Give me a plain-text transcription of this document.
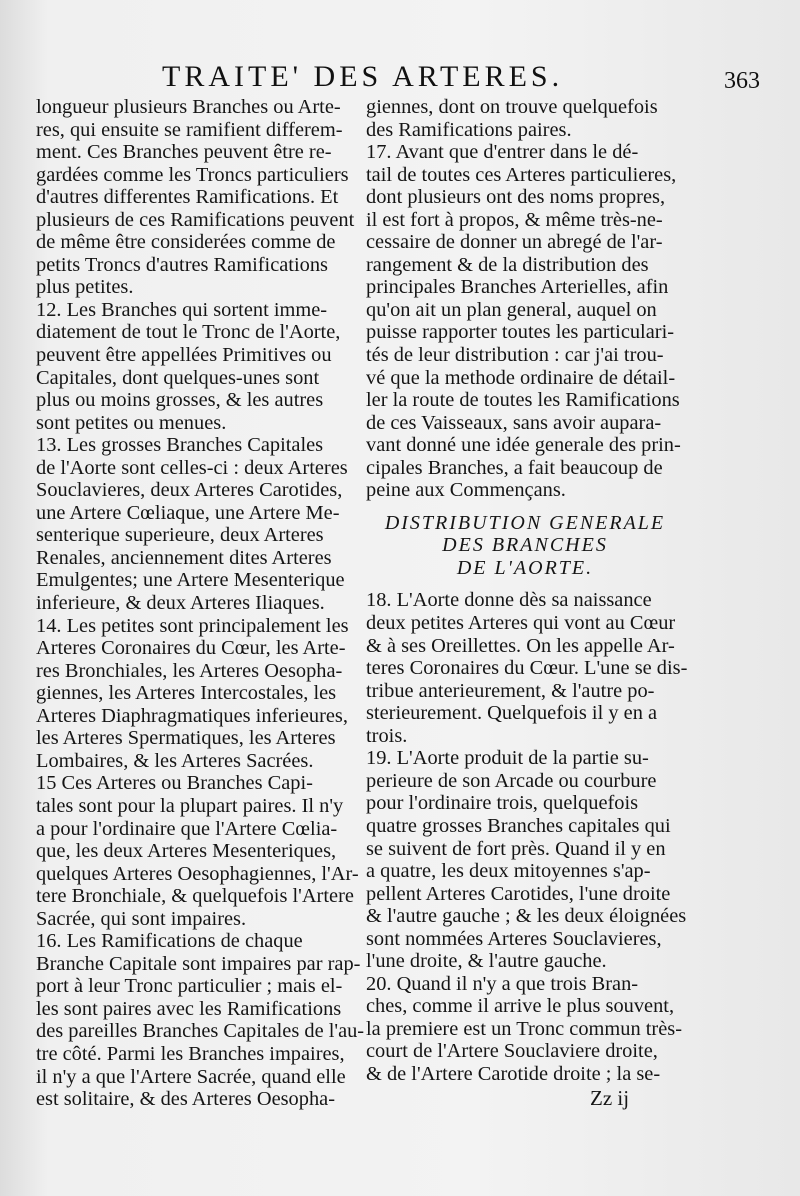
TRAITE' DES ARTERES.	363
longueur plusieurs Branches ou Arte-
res, qui ensuite se ramifient differem-
ment. Ces Branches peuvent être re-
gardées comme les Troncs particuliers
d'autres differentes Ramifications. Et
plusieurs de ces Ramifications peuvent
de même être considerées comme de
petits Troncs d'autres Ramifications
plus petites.
12. Les Branches qui sortent imme-
diatement de tout le Tronc de l'Aorte,
peuvent être appellées Primitives ou
Capitales, dont quelques-unes sont
plus ou moins grosses, & les autres
sont petites ou menues.
13. Les grosses Branches Capitales
de l'Aorte sont celles-ci : deux Arteres
Souclavieres, deux Arteres Carotides,
une Artere Cœliaque, une Artere Me-
senterique superieure, deux Arteres
Renales, anciennement dites Arteres
Emulgentes; une Artere Mesenterique
inferieure, & deux Arteres Iliaques.
14. Les petites sont principalement les
Arteres Coronaires du Cœur, les Arte-
res Bronchiales, les Arteres Oesopha-
giennes, les Arteres Intercostales, les
Arteres Diaphragmatiques inferieures,
les Arteres Spermatiques, les Arteres
Lombaires, & les Arteres Sacrées.
15 Ces Arteres ou Branches Capi-
tales sont pour la plupart paires. Il n'y
a pour l'ordinaire que l'Artere Cœlia-
que, les deux Arteres Mesenteriques,
quelques Arteres Oesophagiennes, l'Ar-
tere Bronchiale, & quelquefois l'Artere
Sacrée, qui sont impaires.
16. Les Ramifications de chaque
Branche Capitale sont impaires par rap-
port à leur Tronc particulier ; mais el-
les sont paires avec les Ramifications
des pareilles Branches Capitales de l'au-
tre côté. Parmi les Branches impaires,
il n'y a que l'Artere Sacrée, quand elle
est solitaire, & des Arteres Oesopha-
giennes, dont on trouve quelquefois
des Ramifications paires.
17. Avant que d'entrer dans le dé-
tail de toutes ces Arteres particulieres,
dont plusieurs ont des noms propres,
il est fort à propos, & même très-ne-
cessaire de donner un abregé de l'ar-
rangement & de la distribution des
principales Branches Arterielles, afin
qu'on ait un plan general, auquel on
puisse rapporter toutes les particulari-
tés de leur distribution : car j'ai trou-
vé que la methode ordinaire de détail-
ler la route de toutes les Ramifications
de ces Vaisseaux, sans avoir aupara-
vant donné une idée generale des prin-
cipales Branches, a fait beaucoup de
peine aux Commençans.
DISTRIBUTION GENERALE
DES BRANCHES
DE L'AORTE.
18. L'Aorte donne dès sa naissance
deux petites Arteres qui vont au Cœur
& à ses Oreillettes. On les appelle Ar-
teres Coronaires du Cœur. L'une se dis-
tribue anterieurement, & l'autre po-
sterieurement. Quelquefois il y en a
trois.
19. L'Aorte produit de la partie su-
perieure de son Arcade ou courbure
pour l'ordinaire trois, quelquefois
quatre grosses Branches capitales qui
se suivent de fort près. Quand il y en
a quatre, les deux mitoyennes s'ap-
pellent Arteres Carotides, l'une droite
& l'autre gauche ; & les deux éloignées
sont nommées Arteres Souclavieres,
l'une droite, & l'autre gauche.
20. Quand il n'y a que trois Bran-
ches, comme il arrive le plus souvent,
la premiere est un Tronc commun très-
court de l'Artere Souclaviere droite,
& de l'Artere Carotide droite ; la se-
Zz ij
